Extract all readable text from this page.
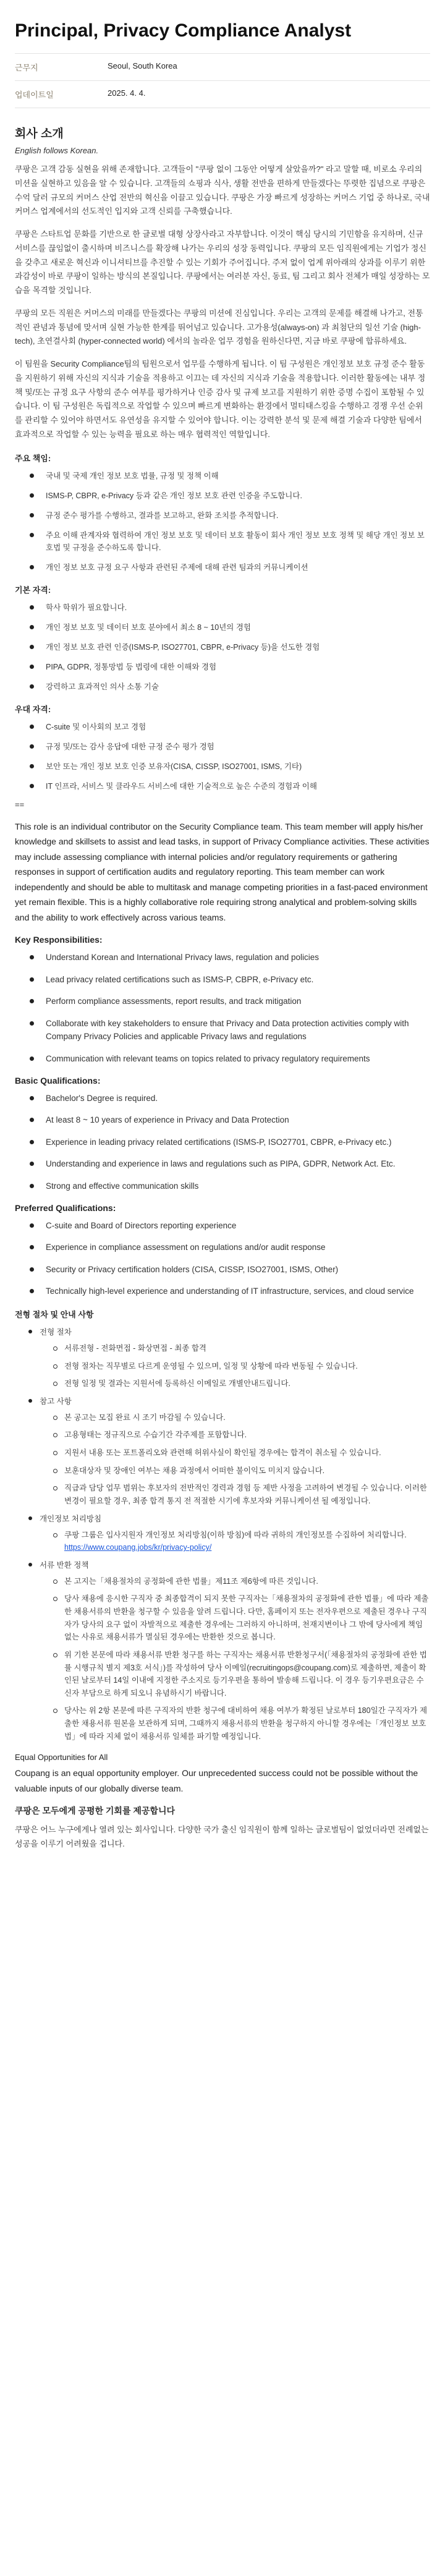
Principal, Privacy Compliance Analyst
근무지	Seoul, South Korea
업데이트일	2025. 4. 4.
회사 소개
English follows Korean.

쿠팡은 고객 감동 실현을 위해 존재합니다. 고객들이 "쿠팡 없이 그동안 어떻게 살았을까?" 라고 말할 때, 비로소 우리의 미션을 실현하고 있음을 알 수 있습니다. 고객들의 쇼핑과 식사, 생활 전반을 편하게 만들겠다는 뚜렷한 집념으로 쿠팡은 수억 달러 규모의 커머스 산업 전반의 혁신을 이끌고 있습니다. 쿠팡은 가장 빠르게 성장하는 커머스 기업 중 하나로, 국내 커머스 업계에서의 선도적인 입지와 고객 신뢰를 구축했습니다.

쿠팡은 스타트업 문화를 기반으로 한 글로벌 대형 상장사라고 자부합니다. 이것이 핵심 당시의 기민함을 유지하며, 신규 서비스를 끊임없이 출시하며 비즈니스를 확장해 나가는 우리의 성장 동력입니다. 쿠팡의 모든 임직원에게는 기업가 정신을 갖추고 새로운 혁신과 이니셔티브를 추진할 수 있는 기회가 주어집니다. 주저 없이 업계 위아래의 상과를 이루기 위한 과감성이 바로 쿠팡이 일하는 방식의 본질입니다. 쿠팡에서는 여러분 자신, 동료, 팀 그리고 회사 전체가 매일 성장하는 모습을 목격할 것입니다.

쿠팡의 모든 직원은 커머스의 미래를 만들겠다는 쿠팡의 미션에 진심입니다. 우리는 고객의 문제를 해결해 나가고, 전통적인 관념과 통념에 맞서며 실현 가능한 한계를 뛰어넘고 있습니다. 고가용성(always-on) 과 최첨단의 일선 기술 (high-tech), 초연결사회 (hyper-connected world) 에서의 놀라운 업무 경험을 원하신다면, 지금 바로 쿠팡에 합류하세요.

이 팀원을 Security Compliance팀의 팀원으로서 업무를 수행하게 됩니다. 이 팀 구성원은 개인정보 보호 규정 준수 활동을 지원하기 위해 자신의 지식과 기술을 적용하고 이끄는 데 자신의 지식과 기술을 적용합니다. 이러한 활동에는 내부 정책 및/또는 규정 요구 사항의 준수 여부를 평가하거나 인증 감사 및 규제 보고를 지원하기 위한 증명 수집이 포함될 수 있습니다. 이 팀 구성원은 독립적으로 작업할 수 있으며 빠르게 변화하는 환경에서 멀티태스킹을 수행하고 경쟁 우선 순위를 관리할 수 있어야 하면서도 유연성을 유지할 수 있어야 합니다. 이는 강력한 분석 및 문제 해결 기술과 다양한 팀에서 효과적으로 작업할 수 있는 능력을 필요로 하는 매우 협력적인 역할입니다.

주요 책임:
국내 및 국제 개인 정보 보호 법률, 규정 및 정책 이해
ISMS-P, CBPR, e-Privacy 등과 같은 개인 정보 보호 관련 인증을 주도합니다.
규정 준수 평가를 수행하고, 결과를 보고하고, 완화 조치를 추적합니다.
주요 이해 관계자와 협력하여 개인 정보 보호 및 데이터 보호 활동이 회사 개인 정보 보호 정책 및 해당 개인 정보 보호법 및 규정을 준수하도록 합니다.
개인 정보 보호 규정 요구 사항과 관련된 주제에 대해 관련 팀과의 커뮤니케이션
기본 자격:
학사 학위가 필요합니다.
개인 정보 보호 및 데이터 보호 분야에서 최소 8 ~ 10년의 경험
개인 정보 보호 관련 인증(ISMS-P, ISO27701, CBPR, e-Privacy 등)을 선도한 경험
PIPA, GDPR, 정통망법 등 법령에 대한 이해와 경험
강력하고 효과적인 의사 소통 기술
우대 자격:
C-suite 및 이사회의 보고 경험
규정 및/또는 감사 응답에 대한 규정 준수 평가 경험
보안 또는 개인 정보 보호 인증 보유자(CISA, CISSP, ISO27001, ISMS, 기타)
IT 인프라, 서비스 및 클라우드 서비스에 대한 기술적으로 높은 수준의 경험과 이해
==

This role is an individual contributor on the Security Compliance team. This team member will apply his/her knowledge and skillsets to assist and lead tasks, in support of Privacy Compliance activities. These activities may include assessing compliance with internal policies and/or regulatory requirements or gathering responses in support of certification audits and regulatory reporting. This team member can work independently and should be able to multitask and manage competing priorities in a fast-paced environment yet remain flexible. This is a highly collaborative role requiring strong analytical and problem-solving skills and the ability to work effectively across various teams.

Key Responsibilities:
Understand Korean and International Privacy laws, regulation and policies
Lead privacy related certifications such as ISMS-P, CBPR, e-Privacy etc.
Perform compliance assessments, report results, and track mitigation
Collaborate with key stakeholders to ensure that Privacy and Data protection activities comply with Company Privacy Policies and applicable Privacy laws and regulations
Communication with relevant teams on topics related to privacy regulatory requirements
Basic Qualifications:
Bachelor's Degree is required.
At least 8 ~ 10 years of experience in Privacy and Data Protection
Experience in leading privacy related certifications (ISMS-P, ISO27701, CBPR, e-Privacy etc.)
Understanding and experience in laws and regulations such as PIPA, GDPR, Network Act. Etc.
Strong and effective communication skills
Preferred Qualifications:
C-suite and Board of Directors reporting experience
Experience in compliance assessment on regulations and/or audit response
Security or Privacy certification holders (CISA, CISSP, ISO27001, ISMS, Other)
Technically high-level experience and understanding of IT infrastructure, services, and cloud service
전형 절차 및 안내 사항
전형 절차
서류전형 - 전화면접 - 화상면접 - 최종 합격
전형 절차는 직무별로 다르게 운영될 수 있으며, 일정 및 상황에 따라 변동될 수 있습니다.
전형 일정 및 결과는 지원서에 등록하신 이메일로 개별안내드립니다.
참고 사항
본 공고는 모집 완료 시 조기 마감될 수 있습니다.
고용형태는 정규직으로 수습기간 각주제를 포함합니다.
지원서 내용 또는 포트폴리오와 관련해 허위사실이 확인될 경우에는 합격이 취소될 수 있습니다.
보훈대상자 및 장애인 여부는 채용 과정에서 어떠한 불이익도 미치지 않습니다.
직급과 담당 업무 범위는 후보자의 전반적인 경력과 경험 등 제반 사정을 고려하여 변경될 수 있습니다. 이러한 변경이 필요할 경우, 최종 합격 통지 전 적절한 시기에 후보자와 커뮤니케이션 될 예정입니다.
개인정보 처리방침
쿠팡 그룹은 입사지원자 개인정보 처리방침(이하 방침)에 따라 귀하의 개인정보를 수집하여 처리합니다. https://www.coupang.jobs/kr/privacy-policy/
서류 반환 정책
본 고지는「채용절차의 공정화에 관한 법률」제11조 제6항에 따른 것입니다.
당사 채용에 응시한 구직자 중 최종합격이 되지 못한 구직자는「채용절차의 공정화에 관한 법률」에 따라 제출한 채용서류의 반환을 청구할 수 있음을 알려 드립니다. 다만, 홈페이지 또는 전자우편으로 제출된 경우나 구직자가 당사의 요구 없이 자발적으로 제출한 경우에는 그러하지 아니하며, 천재지변이나 그 밖에 당사에게 책임 없는 사유로 채용서류가 멸실된 경우에는 반환한 것으로 봅니다.
위 기한 본문에 따라 채용서류 반환 청구를 하는 구직자는 채용서류 반환청구서(「채용절차의 공정화에 관한 법률 시행규칙 별지 제3호 서식」)를 작성하여 당사 이메일(recruitingops@coupang.com)로 제출하면, 제출이 확인된 날로부터 14일 이내에 지정한 주소지로 등기우편을 통하여 발송해 드립니다. 이 경우 등기우편요금은 수신자 부담으로 하게 되오니 유념하시기 바랍니다.
당사는 위 2항 본문에 따른 구직자의 반환 청구에 대비하여 채용 여부가 확정된 날로부터 180일간 구직자가 제출한 채용서류 원본을 보관하게 되며, 그때까지 채용서류의 반환을 청구하지 아니할 경우에는「개인정보 보호법」에 따라 지체 없이 채용서류 일체를 파기할 예정입니다.
Equal Opportunities for All

Coupang is an equal opportunity employer. Our unprecedented success could not be possible without the valuable inputs of our globally diverse team.

쿠팡은 모두에게 공평한 기회를 제공합니다

쿠팡은 어느 누구에게나 열려 있는 회사입니다. 다양한 국가 출신 임직원이 함께 일하는 글로벌팀이 없었더라면 전례없는 성공을 이루기 어려웠을 겁니다.
